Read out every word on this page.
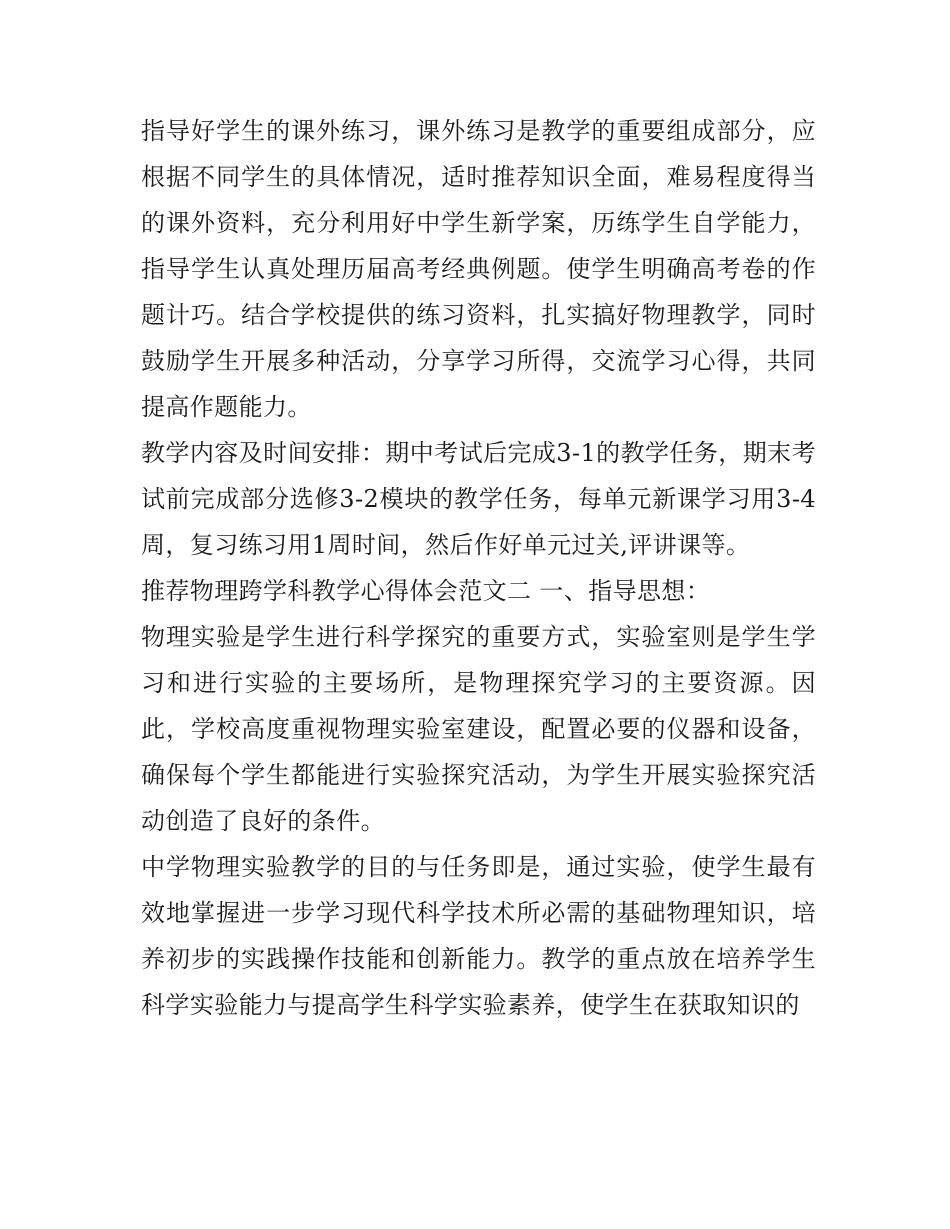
指导好学生的课外练习，课外练习是教学的重要组成部分，应根据不同学生的具体情况，适时推荐知识全面，难易程度得当的课外资料，充分利用好中学生新学案，历练学生自学能力，指导学生认真处理历届高考经典例题。使学生明确高考卷的作题计巧。结合学校提供的练习资料，扎实搞好物理教学，同时鼓励学生开展多种活动，分享学习所得，交流学习心得，共同提高作题能力。

教学内容及时间安排：期中考试后完成3-1的教学任务，期末考试前完成部分选修3-2模块的教学任务，每单元新课学习用3-4周，复习练习用1周时间，然后作好单元过关,评讲课等。

推荐物理跨学科教学心得体会范文二 一、指导思想：

物理实验是学生进行科学探究的重要方式，实验室则是学生学习和进行实验的主要场所，是物理探究学习的主要资源。因此，学校高度重视物理实验室建设，配置必要的仪器和设备，确保每个学生都能进行实验探究活动，为学生开展实验探究活动创造了良好的条件。

中学物理实验教学的目的与任务即是，通过实验，使学生最有效地掌握进一步学习现代科学技术所必需的基础物理知识，培养初步的实践操作技能和创新能力。教学的重点放在培养学生科学实验能力与提高学生科学实验素养，使学生在获取知识的
